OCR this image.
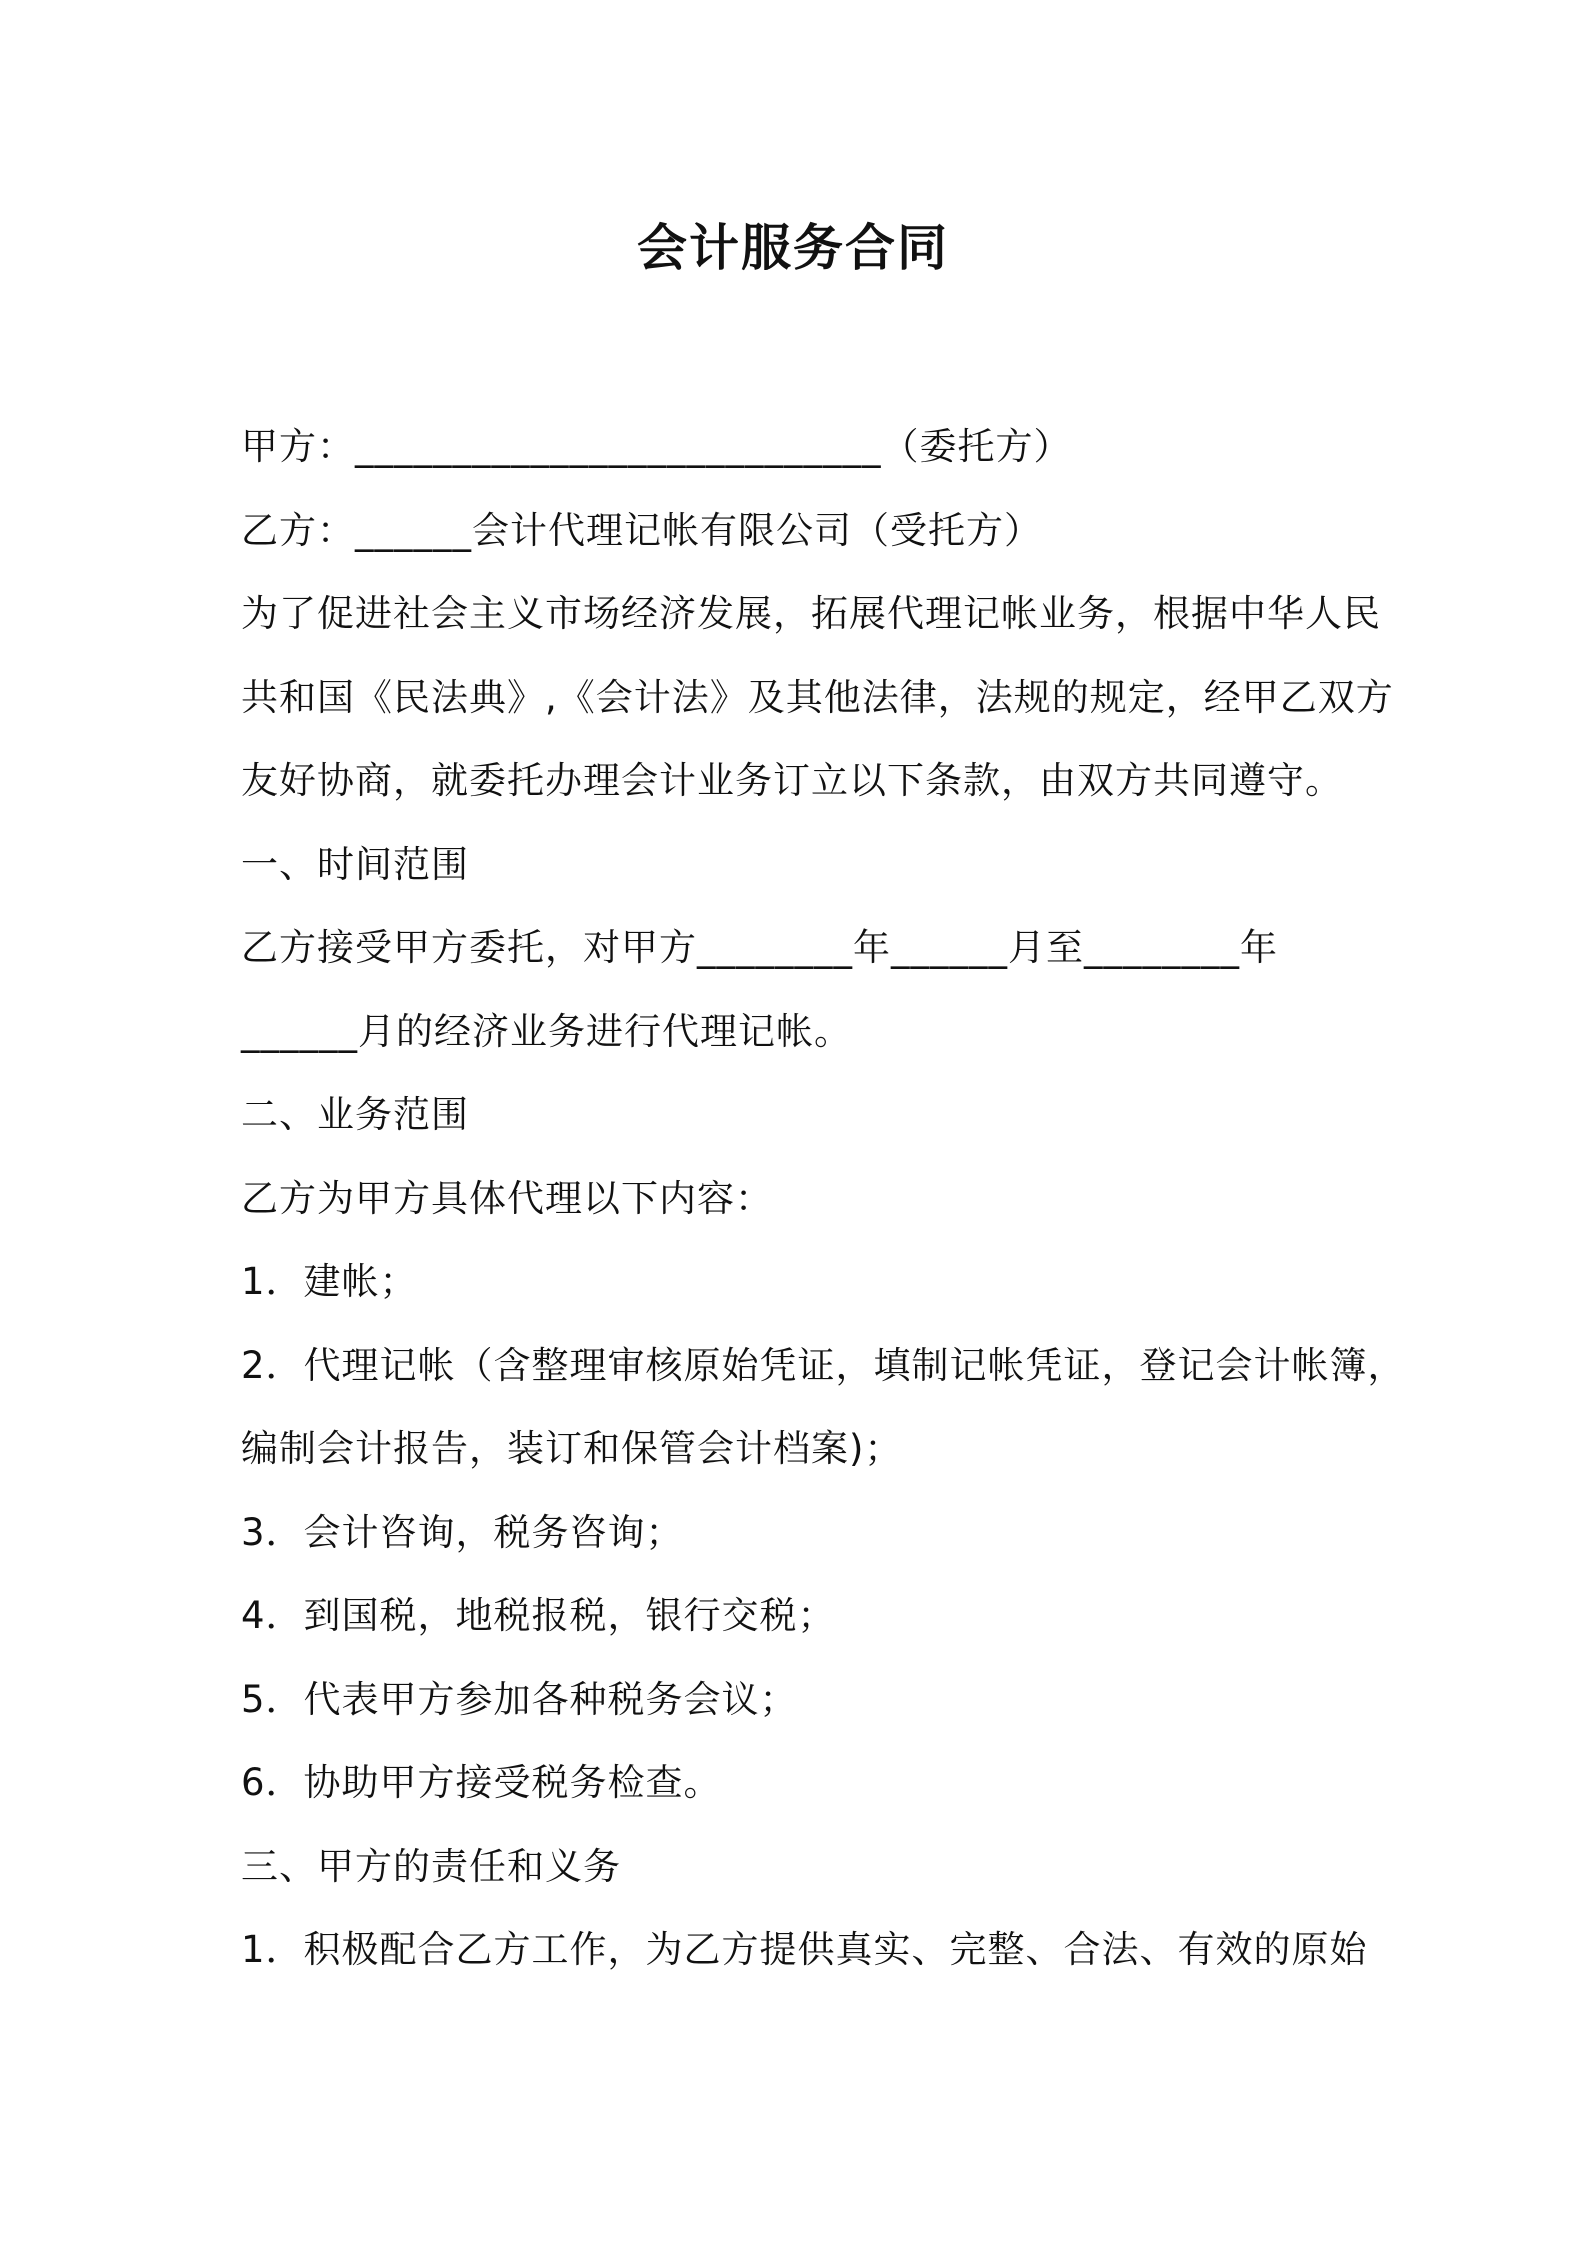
会计服务合同
甲方：___________________________（委托方）
乙方：______会计代理记帐有限公司（受托方）
为了促进社会主义市场经济发展，拓展代理记帐业务，根据中华人民
共和国《民法典》,《会计法》及其他法律，法规的规定，经甲乙双方
友好协商，就委托办理会计业务订立以下条款，由双方共同遵守。
一、时间范围
乙方接受甲方委托，对甲方________年______月至________年
______月的经济业务进行代理记帐。
二、业务范围
乙方为甲方具体代理以下内容：
1．建帐；
2．代理记帐（含整理审核原始凭证，填制记帐凭证，登记会计帐簿，
编制会计报告，装订和保管会计档案)；
3．会计咨询，税务咨询；
4．到国税，地税报税，银行交税；
5．代表甲方参加各种税务会议；
6．协助甲方接受税务检查。
三、甲方的责任和义务
1．积极配合乙方工作，为乙方提供真实、完整、合法、有效的原始
